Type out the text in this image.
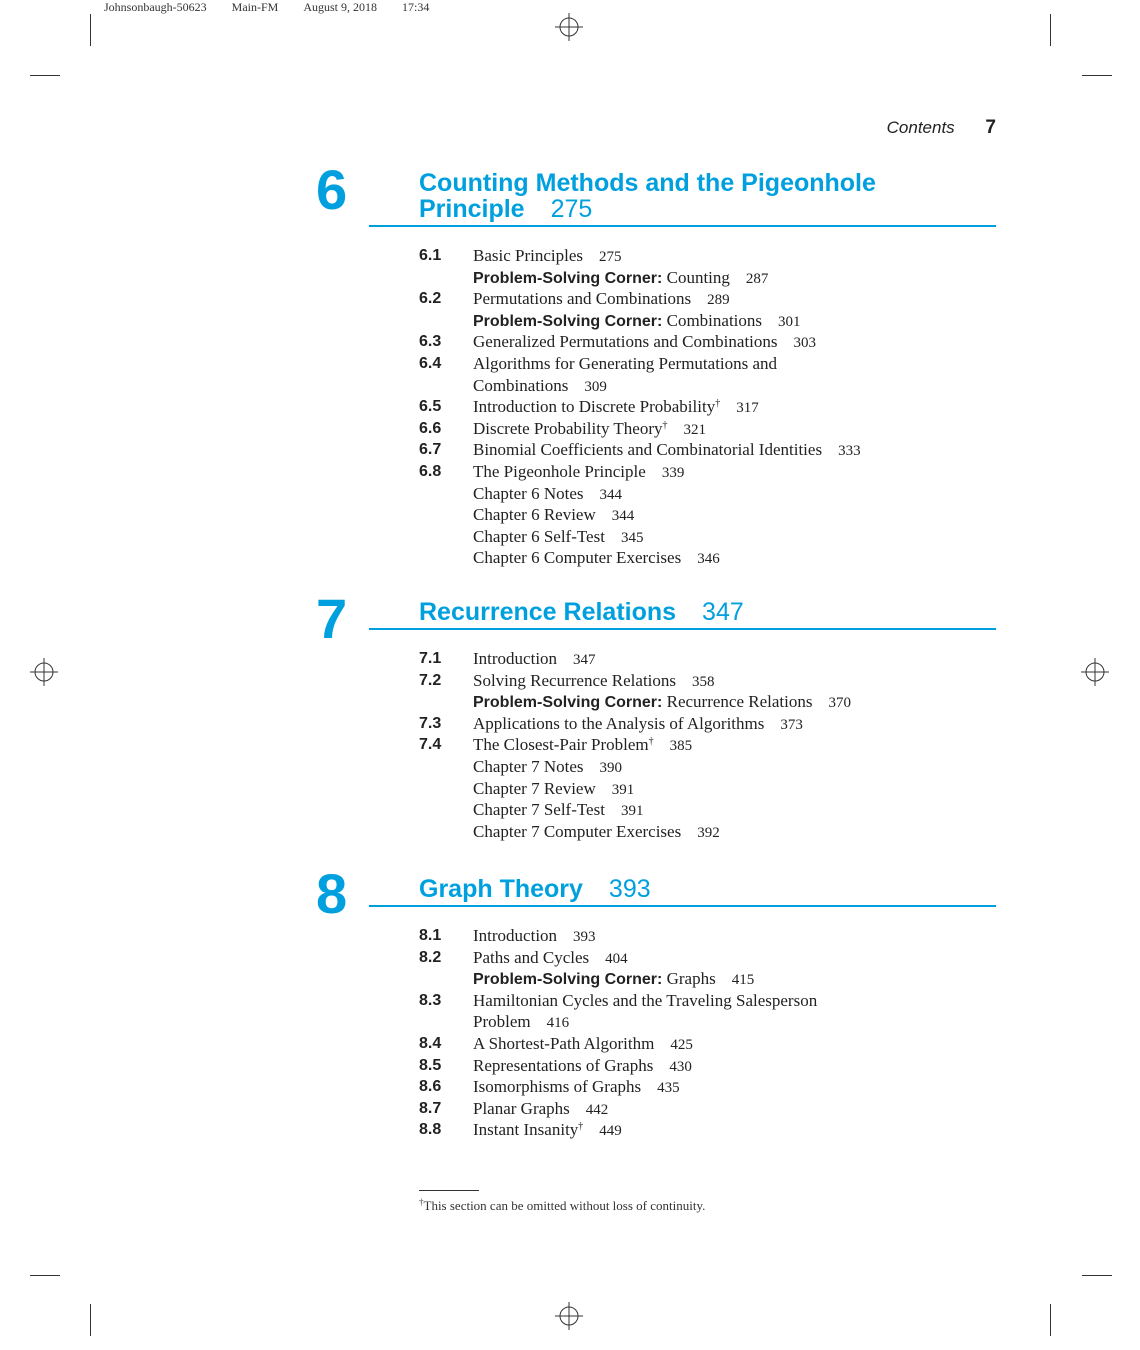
Johnsonbaugh-50623 Main-FM August 9, 2018 17:34
Contents 7
6	Counting Methods and the Pigeonhole
Principle 275
6.1	Basic Principles 275
Problem-Solving Corner: Counting 287
6.2	Permutations and Combinations 289
Problem-Solving Corner: Combinations 301
6.3	Generalized Permutations and Combinations 303
6.4	Algorithms for Generating Permutations and
Combinations 309
6.5	Introduction to Discrete Probability† 317
6.6	Discrete Probability Theory† 321
6.7	Binomial Coefficients and Combinatorial Identities 333
6.8	The Pigeonhole Principle 339
Chapter 6 Notes 344
Chapter 6 Review 344
Chapter 6 Self-Test 345
Chapter 6 Computer Exercises 346
7	Recurrence Relations 347
7.1	Introduction 347
7.2	Solving Recurrence Relations 358
Problem-Solving Corner: Recurrence Relations 370
7.3	Applications to the Analysis of Algorithms 373
7.4	The Closest-Pair Problem† 385
Chapter 7 Notes 390
Chapter 7 Review 391
Chapter 7 Self-Test 391
Chapter 7 Computer Exercises 392
8	Graph Theory 393
8.1	Introduction 393
8.2	Paths and Cycles 404
Problem-Solving Corner: Graphs 415
8.3	Hamiltonian Cycles and the Traveling Salesperson
Problem 416
8.4	A Shortest-Path Algorithm 425
8.5	Representations of Graphs 430
8.6	Isomorphisms of Graphs 435
8.7	Planar Graphs 442
8.8	Instant Insanity† 449
†This section can be omitted without loss of continuity.
